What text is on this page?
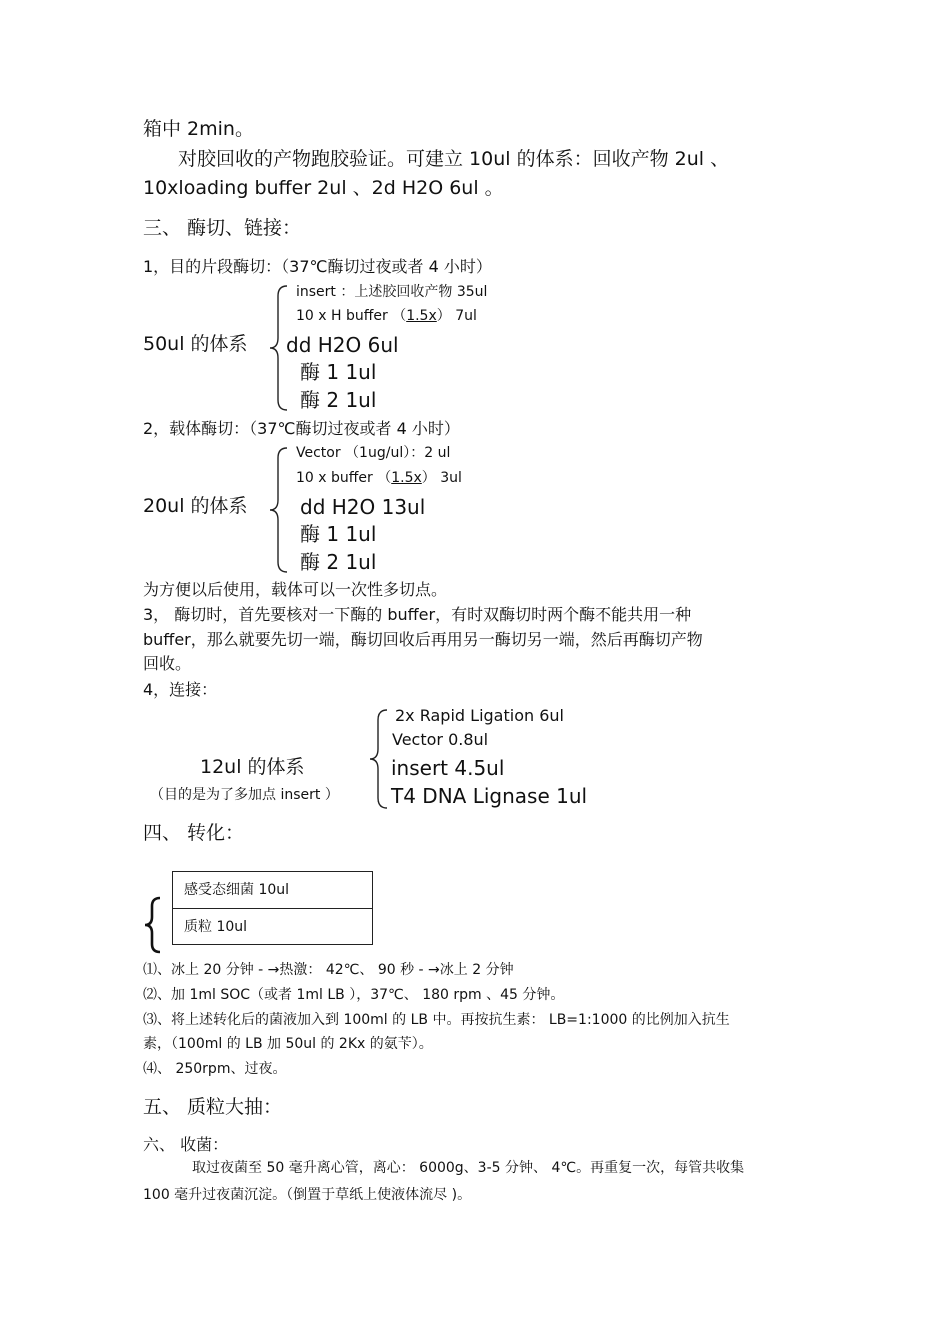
箱中 2min。
对胶回收的产物跑胶验证。可建立 10ul 的体系：回收产物 2ul 、
10xloading buffer 2ul 、2d H2O 6ul 。
三、 酶切、链接：
1，目的片段酶切：（37℃酶切过夜或者 4 小时）
50ul 的体系
insert ：上述胶回收产物 35ul
10 x H buffer （1.5x） 7ul
dd H2O 6ul
酶 1 1ul
酶 2 1ul
2，载体酶切：（37℃酶切过夜或者 4 小时）
20ul 的体系
Vector （1ug/ul）：2 ul
10 x buffer （1.5x） 3ul
dd H2O 13ul
酶 1 1ul
酶 2 1ul
为方便以后使用，载体可以一次性多切点。
3， 酶切时，首先要核对一下酶的 buffer，有时双酶切时两个酶不能共用一种
buffer，那么就要先切一端，酶切回收后再用另一酶切另一端，然后再酶切产物
回收。
4，连接：
12ul 的体系
（目的是为了多加点 insert ）
2x Rapid Ligation 6ul
Vector 0.8ul
insert 4.5ul
T4 DNA Lignase 1ul
四、 转化：
感受态细菌 10ul
质粒 10ul
⑴、冰上 20 分钟 - →热激： 42℃、 90 秒 - →冰上 2 分钟
⑵、加 1ml SOC（或者 1ml LB ），37℃、 180 rpm 、45 分钟。
⑶、将上述转化后的菌液加入到 100ml 的 LB 中。再按抗生素： LB=1:1000 的比例加入抗生
素，（100ml 的 LB 加 50ul 的 2Kx 的氨苄）。
⑷、 250rpm、过夜。
五、 质粒大抽：
六、 收菌：
取过夜菌至 50 毫升离心管，离心： 6000g、3-5 分钟、 4℃。再重复一次，每管共收集
100 毫升过夜菌沉淀。（倒置于草纸上使液体流尽 )。
